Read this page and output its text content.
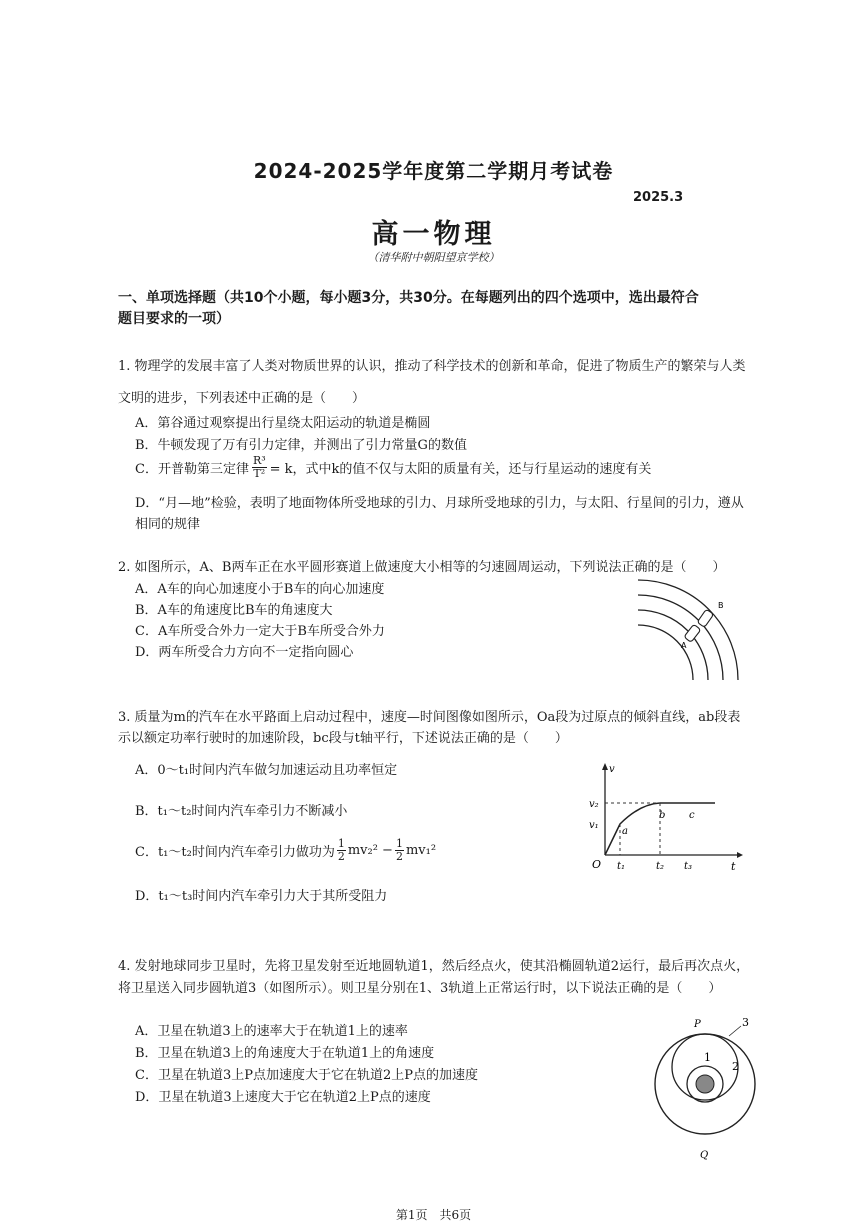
2024-2025学年度第二学期月考试卷
2025.3
高一物理
（清华附中朝阳望京学校）
一、单项选择题（共10个小题，每小题3分，共30分。在每题列出的四个选项中，选出最符合
题目要求的一项）
1. 物理学的发展丰富了人类对物质世界的认识，推动了科学技术的创新和革命，促进了物质生产的繁荣与人类
文明的进步，下列表述中正确的是（　　）
A．第谷通过观察提出行星绕太阳运动的轨道是椭圆
B．牛顿发现了万有引力定律，并测出了引力常量G的数值
C．开普勒第三定律 $\frac{\text{R³}}{\text{T²}} = k$，式中k的值不仅与太阳的质量有关，还与行星运动的速度有关
D．“月—地”检验，表明了地面物体所受地球的引力、月球所受地球的引力，与太阳、行星间的引力，遵从
相同的规律
2. 如图所示，A、B两车正在水平圆形赛道上做速度大小相等的匀速圆周运动，下列说法正确的是（　　）
A．A车的向心加速度小于B车的向心加速度
B．A车的角速度比B车的角速度大
C．A车所受合外力一定大于B车所受合外力
D．两车所受合力方向不一定指向圆心	A
B
3. 质量为m的汽车在水平路面上启动过程中，速度—时间图像如图所示，Oa段为过原点的倾斜直线，ab段表
示以额定功率行驶时的加速阶段，bc段与t轴平行，下述说法正确的是（　　）
A．0～t₁时间内汽车做匀加速运动且功率恒定
B．t₁～t₂时间内汽车牵引力不断减小
C．t₁～t₂时间内汽车牵引力做功为 $\frac{1}{2} mv_2^2 - \frac{1}{2} mv_1^2$
D．t₁～t₃时间内汽车牵引力大于其所受阻力
v
t
O
v₂
v₁
a
b c
t₁	t₂ t₃
4. 发射地球同步卫星时，先将卫星发射至近地圆轨道1，然后经点火，使其沿椭圆轨道2运行，最后再次点火，
将卫星送入同步圆轨道3（如图所示）。则卫星分别在1、3轨道上正常运行时，以下说法正确的是（　　）
A．卫星在轨道3上的速率大于在轨道1上的速率
B．卫星在轨道3上的角速度大于在轨道1上的角速度
C．卫星在轨道3上P点加速度大于它在轨道2上P点的加速度
D．卫星在轨道3上速度大于它在轨道2上P点的速度
P
Q
1
2
3
第1页　共6页
